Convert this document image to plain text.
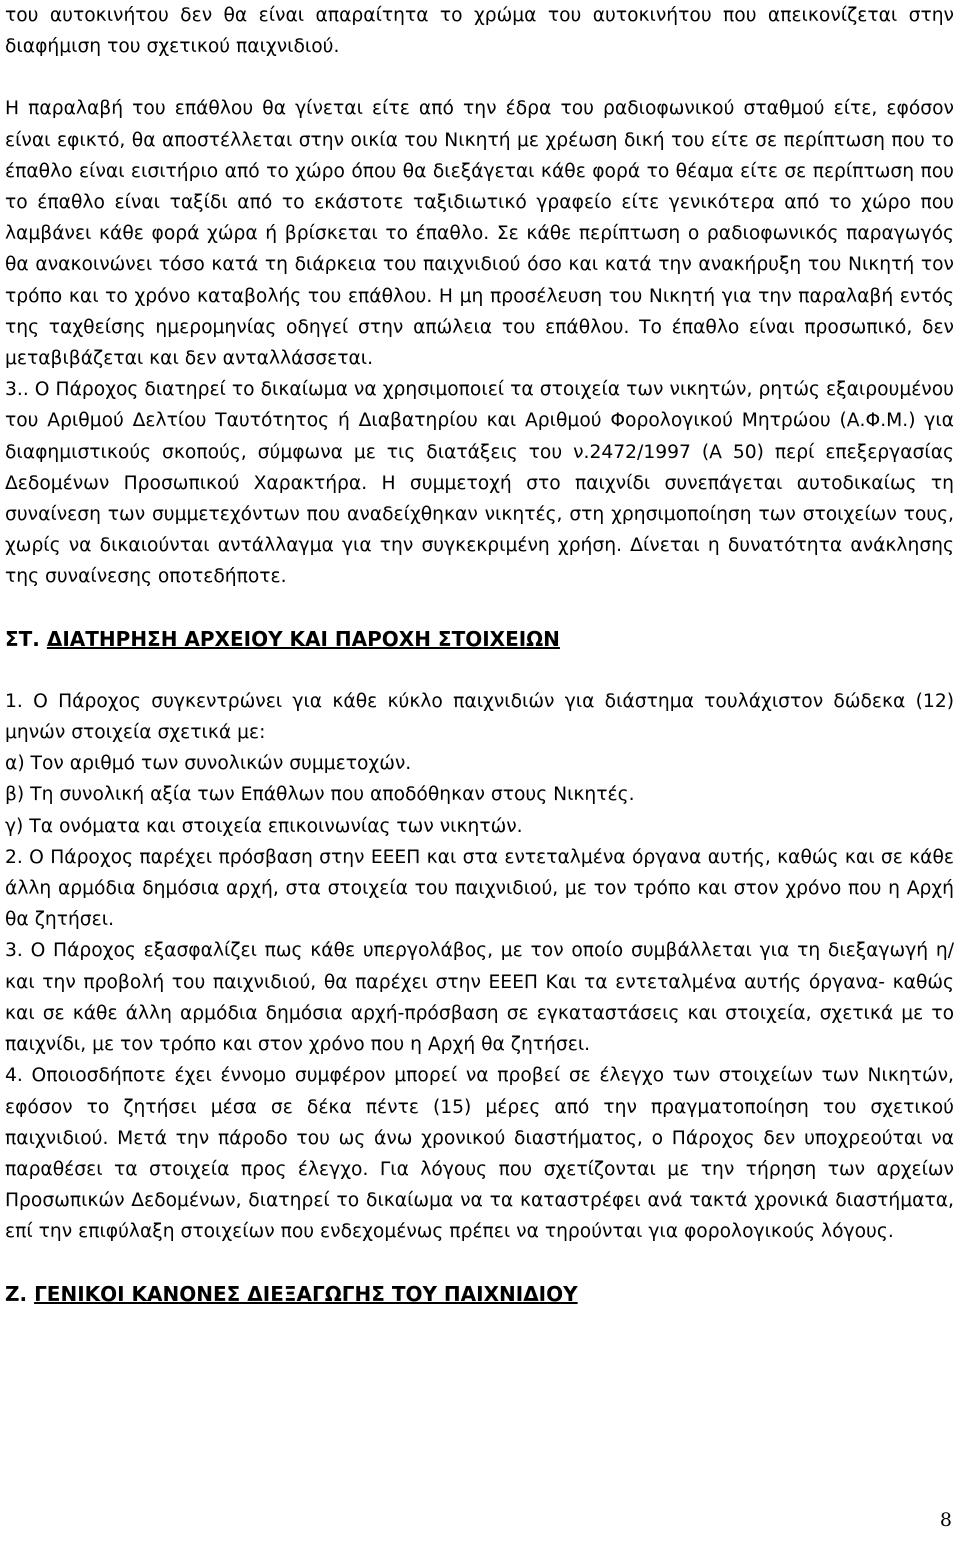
του αυτοκινήτου δεν θα είναι απαραίτητα το χρώμα του αυτοκινήτου που απεικονίζεται στην διαφήμιση του σχετικού παιχνιδιού.

Η παραλαβή του επάθλου θα γίνεται είτε από την έδρα του ραδιοφωνικού σταθμού είτε, εφόσον είναι εφικτό, θα αποστέλλεται στην οικία του Νικητή με χρέωση δική του είτε σε περίπτωση που το έπαθλο είναι εισιτήριο από το χώρο όπου θα διεξάγεται κάθε φορά το θέαμα είτε σε περίπτωση που το έπαθλο είναι ταξίδι από το εκάστοτε ταξιδιωτικό γραφείο είτε γενικότερα από το χώρο που λαμβάνει κάθε φορά χώρα ή βρίσκεται το έπαθλο. Σε κάθε περίπτωση ο ραδιοφωνικός παραγωγός θα ανακοινώνει τόσο κατά τη διάρκεια του παιχνιδιού όσο και κατά την ανακήρυξη του Νικητή τον τρόπο και το χρόνο καταβολής του επάθλου. Η μη προσέλευση του Νικητή για την παραλαβή εντός της ταχθείσης ημερομηνίας οδηγεί στην απώλεια του επάθλου. Το έπαθλο είναι προσωπικό, δεν μεταβιβάζεται και δεν ανταλλάσσεται.

3.. Ο Πάροχος διατηρεί το δικαίωμα να χρησιμοποιεί τα στοιχεία των νικητών, ρητώς εξαιρουμένου του Αριθμού Δελτίου Ταυτότητος ή Διαβατηρίου και Αριθμού Φορολογικού Μητρώου (Α.Φ.Μ.) για διαφημιστικούς σκοπούς, σύμφωνα με τις διατάξεις του ν.2472/1997 (Α 50) περί επεξεργασίας Δεδομένων Προσωπικού Χαρακτήρα. Η συμμετοχή στο παιχνίδι συνεπάγεται αυτοδικαίως τη συναίνεση των συμμετεχόντων που αναδείχθηκαν νικητές, στη χρησιμοποίηση των στοιχείων τους, χωρίς να δικαιούνται αντάλλαγμα για την συγκεκριμένη χρήση. Δίνεται η δυνατότητα ανάκλησης της συναίνεσης οποτεδήποτε.

ΣΤ. ΔΙΑΤΗΡΗΣΗ ΑΡΧΕΙΟΥ ΚΑΙ ΠΑΡΟΧΗ ΣΤΟΙΧΕΙΩΝ

1. Ο Πάροχος συγκεντρώνει για κάθε κύκλο παιχνιδιών για διάστημα τουλάχιστον δώδεκα (12) μηνών στοιχεία σχετικά με:

α) Τον αριθμό των συνολικών συμμετοχών.

β) Τη συνολική αξία των Επάθλων που αποδόθηκαν στους Νικητές.

γ) Τα ονόματα και στοιχεία επικοινωνίας των νικητών.

2. Ο Πάροχος παρέχει πρόσβαση στην ΕΕΕΠ και στα εντεταλμένα όργανα αυτής, καθώς και σε κάθε άλλη αρμόδια δημόσια αρχή, στα στοιχεία του παιχνιδιού, με τον τρόπο και στον χρόνο που η Αρχή θα ζητήσει.

3. Ο Πάροχος εξασφαλίζει πως κάθε υπεργολάβος, με τον οποίο συμβάλλεται για τη διεξαγωγή η/και την προβολή του παιχνιδιού, θα παρέχει στην ΕΕΕΠ Και τα εντεταλμένα αυτής όργανα- καθώς και σε κάθε άλλη αρμόδια δημόσια αρχή-πρόσβαση σε εγκαταστάσεις και στοιχεία, σχετικά με το παιχνίδι, με τον τρόπο και στον χρόνο που η Αρχή θα ζητήσει.

4. Οποιοσδήποτε έχει έννομο συμφέρον μπορεί να προβεί σε έλεγχο των στοιχείων των Νικητών, εφόσον το ζητήσει μέσα σε δέκα πέντε (15) μέρες από την πραγματοποίηση του σχετικού παιχνιδιού. Μετά την πάροδο του ως άνω χρονικού διαστήματος, ο Πάροχος δεν υποχρεούται να παραθέσει τα στοιχεία προς έλεγχο. Για λόγους που σχετίζονται με την τήρηση των αρχείων Προσωπικών Δεδομένων, διατηρεί το δικαίωμα να τα καταστρέφει ανά τακτά χρονικά διαστήματα, επί την επιφύλαξη στοιχείων που ενδεχομένως πρέπει να τηρούνται για φορολογικούς λόγους.

Ζ. ΓΕΝΙΚΟΙ ΚΑΝΟΝΕΣ ΔΙΕΞΑΓΩΓΗΣ ΤΟΥ ΠΑΙΧΝΙΔΙΟΥ

8
